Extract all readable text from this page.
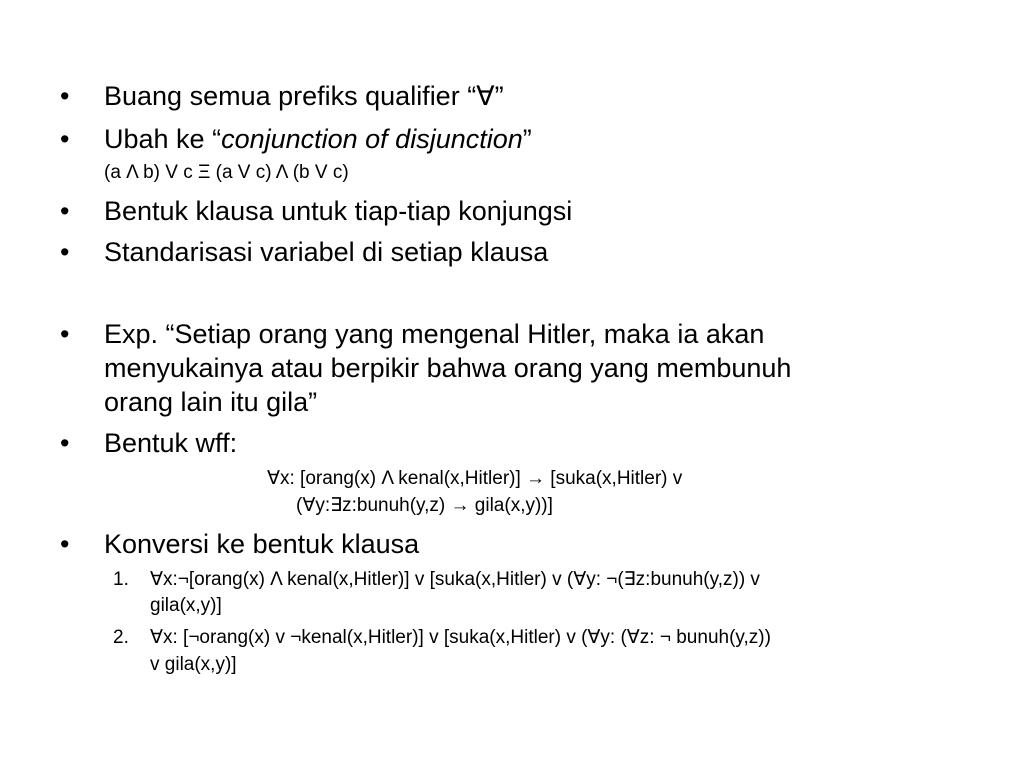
• Buang semua prefiks qualifier “∀”
• Ubah ke “conjunction of disjunction”
(a Λ b) V c Ξ (a V c) Λ (b V c)
• Bentuk klausa untuk tiap-tiap konjungsi
• Standarisasi variabel di setiap klausa
• Exp. “Setiap orang yang mengenal Hitler, maka ia akan
menyukainya atau berpikir bahwa orang yang membunuh
orang lain itu gila”
• Bentuk wff:
∀x: [orang(x) Λ kenal(x,Hitler)] → [suka(x,Hitler) v
(∀y:∃z:bunuh(y,z) → gila(x,y))]
• Konversi ke bentuk klausa
1. ∀x:¬[orang(x) Λ kenal(x,Hitler)] v [suka(x,Hitler) v (∀y: ¬(∃z:bunuh(y,z)) v
gila(x,y)]
2. ∀x: [¬orang(x) v ¬kenal(x,Hitler)] v [suka(x,Hitler) v (∀y: (∀z: ¬ bunuh(y,z))
v gila(x,y)]
